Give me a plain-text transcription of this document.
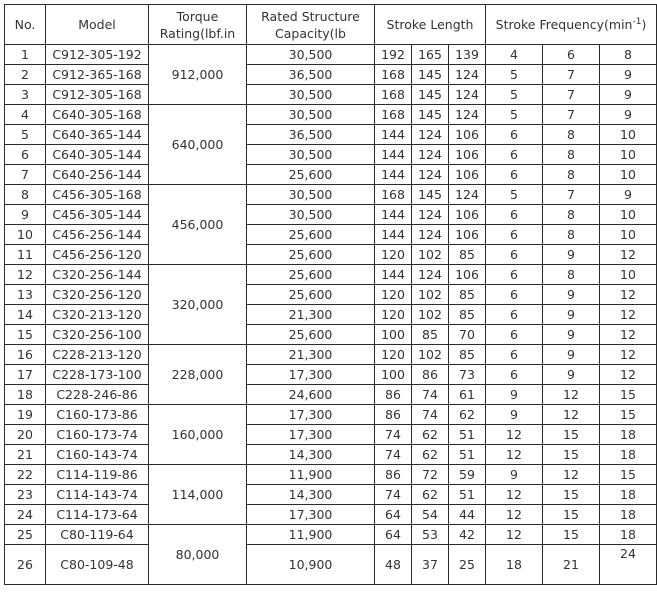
No.	Model	Torque Rating(lbf.in	Rated Structure Capacity(lb	Stroke Length			Stroke $Frequency(\min^{-1})$		
1	C912-305-192	912,000	30,500	192	165	139	4	6	8
2	C912-365-168		36,500	168	145	124	5	7	9
3	C912-305-168		30,500	168	145	124	5	7	9
4	C640-305-168	640,000	30,500	168	145	124	5	7	9
5	C640-365-144		36,500	144	124	106	6	8	10
6	C640-305-144		30,500	144	124	106	6	8	10
7	C640-256-144		25,600	144	124	106	6	8	10
8	C456-305-168	456,000	30,500	168	145	124	5	7	9
9	C456-305-144		30,500	144	124	106	6	8	10
10	C456-256-144		25,600	144	124	106	6	8	10
11	C456-256-120		25,600	120	102	85	6	9	12
12	C320-256-144	320,000	25,600	144	124	106	6	8	10
13	C320-256-120		25,600	120	102	85	6	9	12
14	C320-213-120		21,300	120	102	85	6	9	12
15	C320-256-100		25,600	100	85	70	6	9	12
16	C228-213-120	228,000	21,300	120	102	85	6	9	12
17	C228-173-100		17,300	100	86	73	6	9	12
18	C228-246-86		24,600	86	74	61	9	12	15
19	C160-173-86	160,000	17,300	86	74	62	9	12	15
20	C160-173-74		17,300	74	62	51	12	15	18
21	C160-143-74		14,300	74	62	51	12	15	18
22	C114-119-86	114,000	11,900	86	72	59	9	12	15
23	C114-143-74		14,300	74	62	51	12	15	18
24	C114-173-64		17,300	64	54	44	12	15	18
25	C80-119-64	80,000	11,900	64	53	42	12	15	18
26	C80-109-48		10,900	48	37	25	18	21	24
